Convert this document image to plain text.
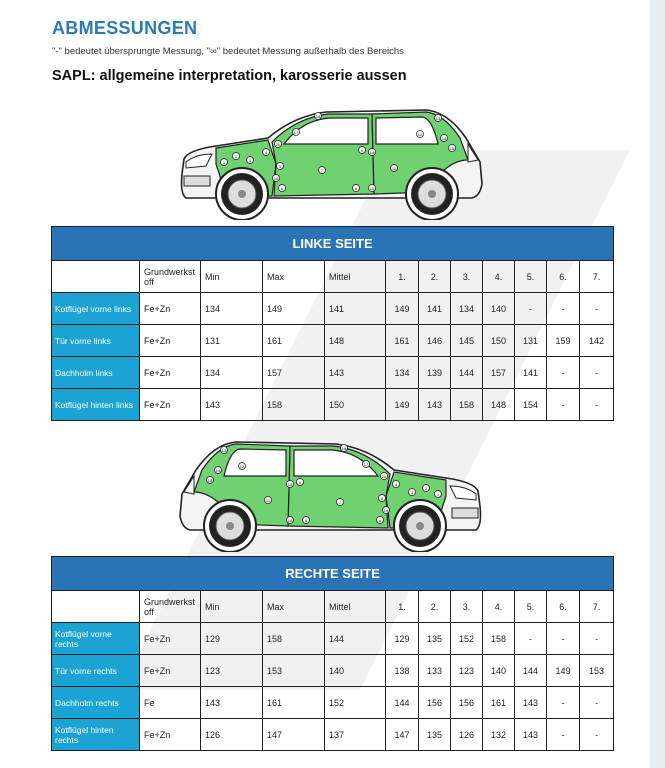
ABMESSUNGEN
"-" bedeutet übersprungte Messung, "∞" bedeutet Messung außerhalb des Bereichs
SAPL: allgemeine interpretation, karosserie aussen
1
2
3
4
5
6
7
8
9
10
11
12
13
14
15
16
17
18
19
20
LINKE SEITE											
	Grundwerkstoff	Min	Max	Mittel	1.	2.	3.	4.	5.	6.	7.
Kotflügel vorne links	Fe+Zn	134	149	141	149	141	134	140	-	-	-
Tür vorne links	Fe+Zn	131	161	148	161	146	145	150	131	159	142
Dachholm links	Fe+Zn	134	157	143	134	139	144	157	141	-	-
Kotflügel hinten links	Fe+Zn	143	158	150	149	143	158	148	154	-	-
1
2
3
4
5
6
7
8
9
10
11
12
13
14
15
16
17
18
19
20
RECHTE SEITE											
	Grundwerkstoff	Min	Max	Mittel	1.	2.	3.	4.	5.	6.	7.
Kotflügel vorne rechts	Fe+Zn	129	158	144	129	135	152	158	-	-	-
Tür vorne rechts	Fe+Zn	123	153	140	138	133	123	140	144	149	153
Dachholm rechts	Fe	143	161	152	144	156	156	161	143	-	-
Kotflügel hinten rechts	Fe+Zn	126	147	137	147	135	126	132	143	-	-
